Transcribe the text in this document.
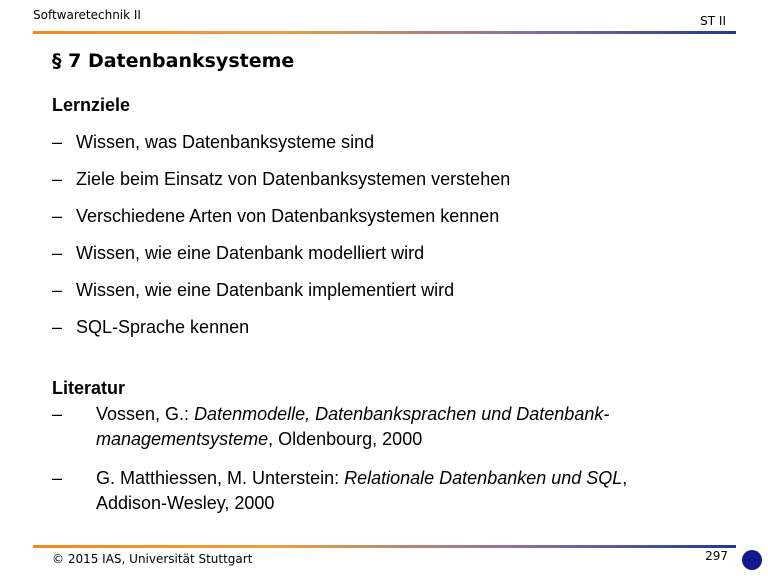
Softwaretechnik II	ST II
§ 7 Datenbanksysteme
Lernziele
– Wissen, was Datenbanksysteme sind
– Ziele beim Einsatz von Datenbanksystemen verstehen
– Verschiedene Arten von Datenbanksystemen kennen
– Wissen, wie eine Datenbank modelliert wird
– Wissen, wie eine Datenbank implementiert wird
– SQL-Sprache kennen
Literatur
– Vossen, G.: Datenmodelle, Datenbanksprachen und Datenbank-
managementsysteme, Oldenbourg, 2000
– G. Matthiessen, M. Unterstein: Relationale Datenbanken und SQL,
Addison-Wesley, 2000
© 2015 IAS, Universität Stuttgart	297
